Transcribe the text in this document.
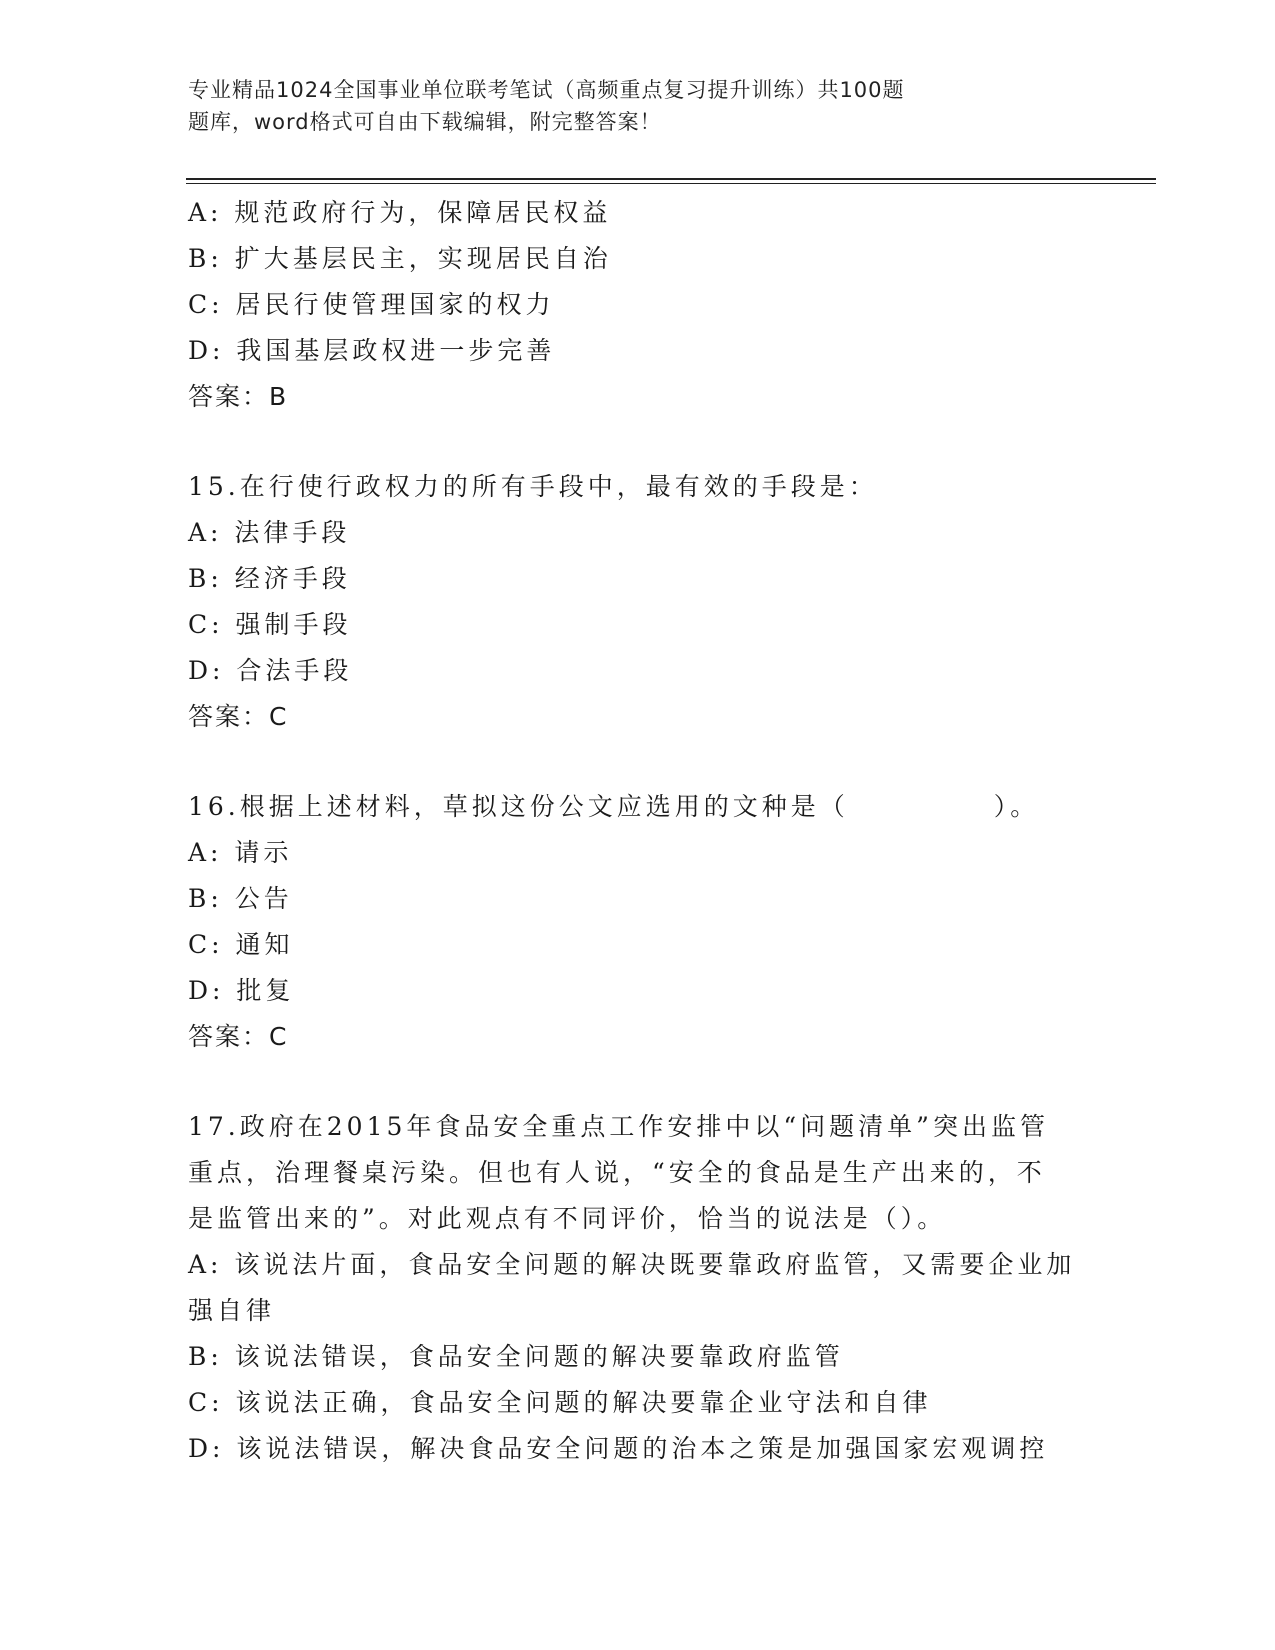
专业精品1024全国事业单位联考笔试（高频重点复习提升训练）共100题
题库，word格式可自由下载编辑，附完整答案！
A: 规范政府行为，保障居民权益
B: 扩大基层民主，实现居民自治
C: 居民行使管理国家的权力
D: 我国基层政权进一步完善
答案：B
15.在行使行政权力的所有手段中，最有效的手段是：
A: 法律手段
B: 经济手段
C: 强制手段
D: 合法手段
答案：C
16.根据上述材料，草拟这份公文应选用的文种是（　　　　　）。
A: 请示
B: 公告
C: 通知
D: 批复
答案：C
17.政府在2015年食品安全重点工作安排中以“问题清单”突出监管
重点，治理餐桌污染。但也有人说，“安全的食品是生产出来的，不
是监管出来的”。对此观点有不同评价，恰当的说法是（）。
A: 该说法片面，食品安全问题的解决既要靠政府监管，又需要企业加
强自律
B: 该说法错误，食品安全问题的解决要靠政府监管
C: 该说法正确，食品安全问题的解决要靠企业守法和自律
D: 该说法错误，解决食品安全问题的治本之策是加强国家宏观调控
